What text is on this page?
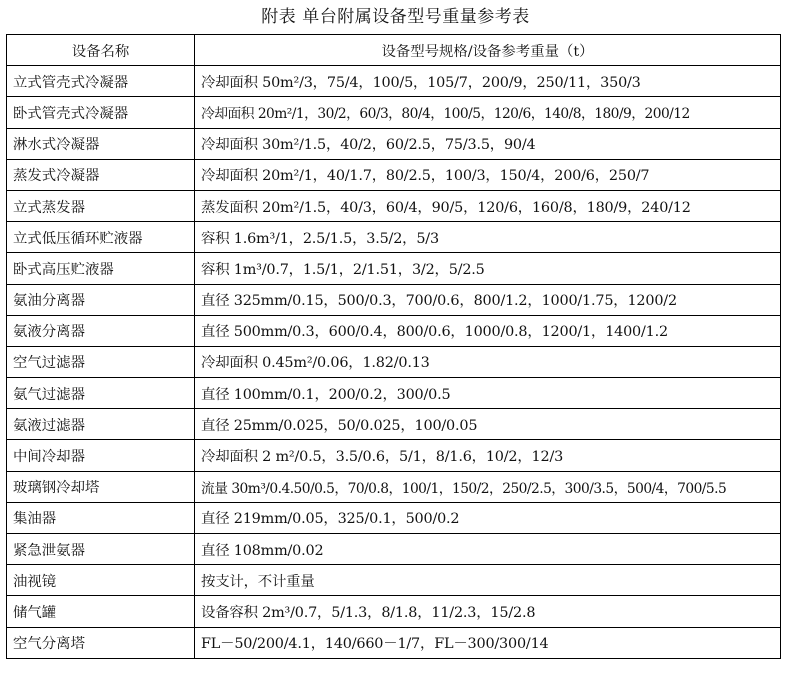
附表 单台附属设备型号重量参考表
设备名称	设备型号规格/设备参考重量（t）
立式管壳式冷凝器	冷却面积 50m²/3，75/4，100/5，105/7，200/9，250/11，350/3
卧式管壳式冷凝器	冷却面积 20m²/1，30/2，60/3，80/4，100/5，120/6，140/8，180/9，200/12
淋水式冷凝器	冷却面积 30m²/1.5，40/2，60/2.5，75/3.5，90/4
蒸发式冷凝器	冷却面积 20m²/1，40/1.7，80/2.5，100/3，150/4，200/6，250/7
立式蒸发器	蒸发面积 20m²/1.5，40/3，60/4，90/5，120/6，160/8，180/9，240/12
立式低压循环贮液器	容积 1.6m³/1，2.5/1.5，3.5/2，5/3
卧式高压贮液器	容积 1m³/0.7，1.5/1，2/1.51，3/2，5/2.5
氨油分离器	直径 325mm/0.15，500/0.3，700/0.6，800/1.2，1000/1.75，1200/2
氨液分离器	直径 500mm/0.3，600/0.4，800/0.6，1000/0.8，1200/1，1400/1.2
空气过滤器	冷却面积 0.45m²/0.06，1.82/0.13
氨气过滤器	直径 100mm/0.1，200/0.2，300/0.5
氨液过滤器	直径 25mm/0.025，50/0.025，100/0.05
中间冷却器	冷却面积 2 m²/0.5，3.5/0.6，5/1，8/1.6，10/2，12/3
玻璃钢冷却塔	流量 30m³/0.4.50/0.5，70/0.8，100/1，150/2，250/2.5，300/3.5，500/4，700/5.5
集油器	直径 219mm/0.05，325/0.1，500/0.2
紧急泄氨器	直径 108mm/0.02
油视镜	按支计，不计重量
储气罐	设备容积 2m³/0.7，5/1.3，8/1.8，11/2.3，15/2.8
空气分离塔	FL－50/200/4.1，140/660－1/7，FL－300/300/14
